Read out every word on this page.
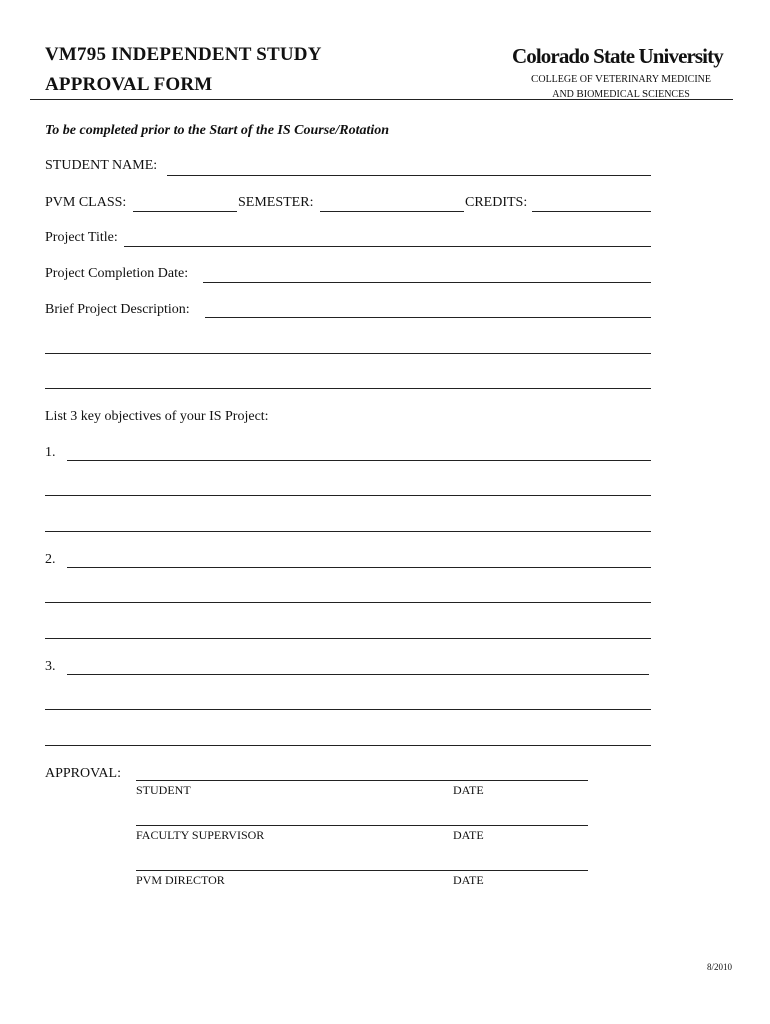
VM795 INDEPENDENT STUDY
APPROVAL FORM
Colorado State University
COLLEGE OF VETERINARY MEDICINE
AND BIOMEDICAL SCIENCES
To be completed prior to the Start of the IS Course/Rotation
STUDENT NAME:
PVM CLASS:	SEMESTER:	CREDITS:
Project Title:
Project Completion Date:
Brief Project Description:
List 3 key objectives of your IS Project:
1.
2.
3.
APPROVAL:
STUDENT	DATE
FACULTY SUPERVISOR	DATE
PVM DIRECTOR	DATE
8/2010
